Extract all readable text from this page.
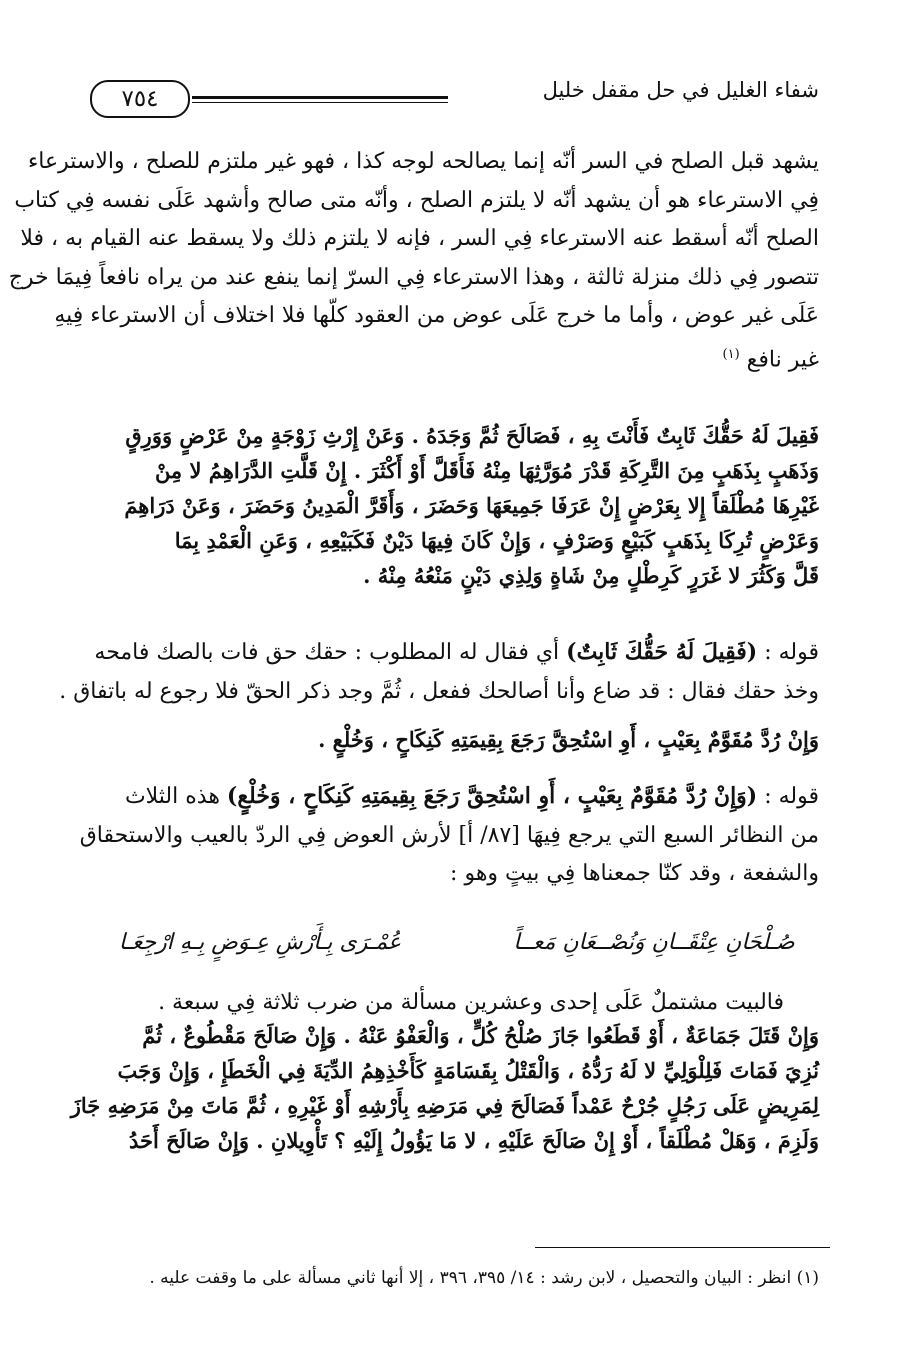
٧٥٤	شفاء الغليل في حل مقفل خليل
يشهد قبل الصلح في السر أنّه إنما يصالحه لوجه كذا ، فهو غير ملتزم للصلح ، والاسترعاء
فِي الاسترعاء هو أن يشهد أنّه لا يلتزم الصلح ، وأنّه متى صالح وأشهد عَلَى نفسه فِي كتاب
الصلح أنّه أسقط عنه الاسترعاء فِي السر ، فإنه لا يلتزم ذلك ولا يسقط عنه القيام به ، فلا
تتصور فِي ذلك منزلة ثالثة ، وهذا الاسترعاء فِي السرّ إنما ينفع عند من يراه نافعاً فِيمَا خرج
عَلَى غير عوض ، وأما ما خرج عَلَى عوض من العقود كلّها فلا اختلاف أن الاسترعاء فِيهِ
غير نافع $^{(١)}$
فَقِيلَ لَهُ حَقُّكَ ثَابِتٌ فَأَنْتَ بِهِ ، فَصَالَحَ ثُمَّ وَجَدَهُ . وَعَنْ إِرْثِ زَوْجَةٍ مِنْ عَرْضٍ وَوَرِقٍ
وَذَهَبٍ بِذَهَبٍ مِنَ التَّرِكَةِ قَدْرَ مُوَرَّثِهَا مِنْهُ فَأَقَلَّ أَوْ أَكْثَرَ . إِنْ قَلَّتِ الدَّرَاهِمُ لا مِنْ
غَيْرِهَا مُطْلَقاً إِلا بِعَرْضٍ إِنْ عَرَفَا جَمِيعَهَا وَحَضَرَ ، وَأَقَرَّ الْمَدِينُ وَحَضَرَ ، وَعَنْ دَرَاهِمَ
وَعَرْضٍ تُرِكَا بِذَهَبٍ كَبَيْعٍ وَصَرْفٍ ، وَإِنْ كَانَ فِيهَا دَيْنٌ فَكَبَيْعِهِ ، وَعَنِ الْعَمْدِ بِمَا
قَلَّ وَكَثُرَ لا غَرَرٍ كَرِطْلٍ مِنْ شَاةٍ وَلِذِي دَيْنٍ مَنْعُهُ مِنْهُ .
قوله : (فَقِيلَ لَهُ حَقُّكَ ثَابِتٌ) أي فقال له المطلوب : حقك حق فات بالصك فامحه
وخذ حقك فقال : قد ضاع وأنا أصالحك ففعل ، ثُمَّ وجد ذكر الحقّ فلا رجوع له باتفاق .
وَإِنْ رُدَّ مُقَوَّمٌ بِعَيْبٍ ، أَوِ اسْتُحِقَّ رَجَعَ بِقِيمَتِهِ كَنِكَاحٍ ، وَخُلْعٍ .
قوله : (وَإِنْ رُدَّ مُقَوَّمٌ بِعَيْبٍ ، أَوِ اسْتُحِقَّ رَجَعَ بِقِيمَتِهِ كَنِكَاحٍ ، وَخُلْعٍ) هذه الثلاث
من النظائر السبع التي يرجع فِيهَا [٨٧/ أ] لأرش العوض فِي الردّ بالعيب والاستحقاق
والشفعة ، وقد كنّا جمعناها فِي بيتٍ وهو :
صُـلْحَانِ عِتْقَــانِ وَنُصْــعَانِ مَعــاً
عُمْـرَى بِـأَرْشِ عِـوَضٍ بِـهِ ارْجِعَـا
فالبيت مشتملٌ عَلَى إحدى وعشرين مسألة من ضرب ثلاثة فِي سبعة .
وَإِنْ قَتَلَ جَمَاعَةٌ ، أَوْ قَطَعُوا جَازَ صُلْحُ كُلٍّ ، وَالْعَفْوُ عَنْهُ . وَإِنْ صَالَحَ مَقْطُوعٌ ، ثُمَّ
نُزِيَ فَمَاتَ فَلِلْوَلِيِّ لا لَهُ رَدُّهُ ، وَالْقَتْلُ بِقَسَامَةٍ كَأَخْذِهِمُ الدِّيَةَ فِي الْخَطَإِ ، وَإِنْ وَجَبَ
لِمَرِيضٍ عَلَى رَجُلٍ جُرْحٌ عَمْداً فَصَالَحَ فِي مَرَضِهِ بِأَرْشِهِ أَوْ غَيْرِهِ ، ثُمَّ مَاتَ مِنْ مَرَضِهِ جَازَ
وَلَزِمَ ، وَهَلْ مُطْلَقاً ، أَوْ إِنْ صَالَحَ عَلَيْهِ ، لا مَا يَؤُولُ إِلَيْهِ ؟ تَأْوِيلانِ . وَإِنْ صَالَحَ أَحَدُ
(١) انظر : البيان والتحصيل ، لابن رشد : ١٤/ ٣٩٥، ٣٩٦ ، إلا أنها ثاني مسألة على ما وقفت عليه .
